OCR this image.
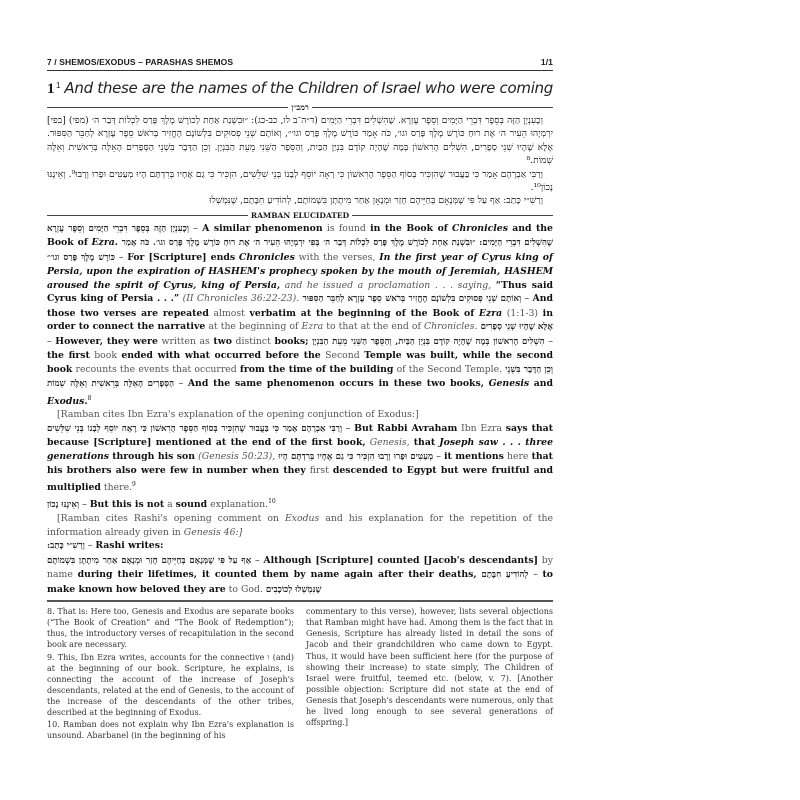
7 / SHEMOS/EXODUS – PARASHAS SHEMOS	1/1
1 1 And these are the names of the Children of Israel who were coming
רמב״ן

וְכָעִנְיָן הַזֶּה בְּסֵפֶר דִּבְרֵי הַיָּמִים וְסֵפֶר עֶזְרָא. שֶׁהִשְׁלִים דִּבְרֵי הַיָּמִים (ד״ה־ב לו, כב-כג): ״וּבִשְׁנַת אַחַת לְכוֹרֶשׁ מֶלֶךְ פָּרַס לִכְלוֹת דְּבַר ה׳ (מפי) [בפי] יִרְמְיָהוּ הֵעִיר ה׳ אֶת רוּחַ כּוֹרֶשׁ מֶלֶךְ פָּרַס וגו׳, כֹּה אָמַר כּוֹרֶשׁ מֶלֶךְ פָּרַס וגו׳״, וְאוֹתָם שְׁנֵי פְסוּקִים בִּלְשׁוֹנָם הֶחֱזִיר בְּרֹאשׁ סֵפֶר עֶזְרָא לְחַבֵּר הַסִּפּוּר. אֶלָּא שֶׁהָיוּ שְׁנֵי סְפָרִים, הִשְׁלִים הָרִאשׁוֹן בְּמָה שֶׁהָיָה קוֹדֶם בִּנְיַן הַבַּיִת, וְהַסֵּפֶר הַשֵּׁנִי מֵעֵת הַבִּנְיָן. וְכֵן הַדָּבָר בִּשְׁנֵי הַסְּפָרִים הָאֵלֶּה בְּרֵאשִׁית וְאֵלֶּה שְׁמוֹת.⁸

וְרַבִּי אַבְרָהָם אָמַר כִּי בַּעֲבוּר שֶׁהִזְכִּיר בְּסוֹף הַסֵּפֶר הָרִאשׁוֹן כִּי רָאָה יוֹסֵף לְבָנוֹ בְּנֵי שִׁלֵּשִׁים, הִזְכִּיר כִּי גַם אֶחָיו בְּרִדְתָּם הָיוּ מְעַטִּים וּפָרוּ וְרָבוּ⁹. וְאֵינֶנּוּ נָכוֹן¹⁰.

וְרַשִׁ״י כָּתַב: אַף עַל פִּי שֶׁמְּנָאָם בְּחַיֵּיהֶם חָזַר וּמְנָאָן אַחַר מִיתָתָן בִּשְׁמוֹתָם, לְהוֹדִיעַ חִבָּתָם, שֶׁנִּמְשְׁלוּ

RAMBAN ELUCIDATED

וְכָעִנְיָן הַזֶּה בְּסֵפֶר דִּבְרֵי הַיָּמִים וְסֵפֶר עֶזְרָא – A similar phenomenon is found in the Book of Chronicles and the Book of Ezra. שֶׁהִשְׁלִים דִּבְרֵי הַיָּמִים: ״וּבִשְׁנַת אַחַת לְכוֹרֶשׁ מֶלֶךְ פָּרַס לִכְלוֹת דְּבַר ה׳ בְּפִי יִרְמְיָהוּ הֵעִיר ה׳ אֶת רוּחַ כּוֹרֶשׁ מֶלֶךְ פָּרַס וגו׳. כֹּה אָמַר כּוֹרֶשׁ מֶלֶךְ פָּרַס וגו׳״ – For [Scripture] ends Chronicles with the verses, In the first year of Cyrus king of Persia, upon the expiration of HASHEM's prophecy spoken by the mouth of Jeremiah, HASHEM aroused the spirit of Cyrus, king of Persia, and he issued a proclamation . . . saying, “Thus said Cyrus king of Persia . . .” (II Chronicles 36:22-23). וְאוֹתָם שְׁנֵי פְסוּקִים בִּלְשׁוֹנָם הֶחֱזִיר בְּרֹאשׁ סֵפֶר עֶזְרָא לְחַבֵּר הַסִּפּוּר – And those two verses are repeated almost verbatim at the beginning of the Book of Ezra (1:1-3) in order to connect the narrative at the beginning of Ezra to that at the end of Chronicles. אֶלָּא שֶׁהָיוּ שְׁנֵי סְפָרִים – However, they were written as two distinct books; הִשְׁלִים הָרִאשׁוֹן בְּמָה שֶׁהָיָה קוֹדֶם בִּנְיַן הַבַּיִת, וְהַסֵּפֶר הַשֵּׁנִי מֵעֵת הַבִּנְיָן – the first book ended with what occurred before the Second Temple was built, while the second book recounts the events that occurred from the time of the building of the Second Temple. וְכֵן הַדָּבָר בִּשְׁנֵי הַסְּפָרִים הָאֵלֶּה בְּרֵאשִׁית וְאֵלֶּה שְׁמוֹת – And the same phenomenon occurs in these two books, Genesis and Exodus.$^8$

[Ramban cites Ibn Ezra's explanation of the opening conjunction of Exodus:]

וְרַבִּי אַבְרָהָם אָמַר כִּי בַּעֲבוּר שֶׁהִזְכִּיר בְּסוֹף הַסֵּפֶר הָרִאשׁוֹן כִּי רָאָה יוֹסֵף לְבָנוֹ בְּנֵי שִׁלֵּשִׁים – But Rabbi Avraham Ibn Ezra says that because [Scripture] mentioned at the end of the first book, Genesis, that Joseph saw . . . three generations through his son (Genesis 50:23), הִזְכִּיר כִּי גַם אֶחָיו בְּרִדְתָּם הָיוּ מְעַטִּים וּפָרוּ וְרָבוּ – it mentions here that his brothers also were few in number when they first descended to Egypt but were fruitful and multiplied there.$^9$

וְאֵינֶנּוּ נָכוֹן – But this is not a sound explanation.$^{10}$

[Ramban cites Rashi's opening comment on Exodus and his explanation for the repetition of the information already given in Genesis 46:]

וְרַשִׁ״י כָּתַב: – Rashi writes:

אַף עַל פִּי שֶׁמְּנָאָם בְּחַיֵּיהֶם חָזַר וּמְנָאָם אַחַר מִיתָתָן בִּשְׁמוֹתָם – Although [Scripture] counted [Jacob's descendants] by name during their lifetimes, it counted them by name again after their deaths, לְהוֹדִיעַ חִבָּתָם – to make known how beloved they are to God. שֶׁנִּמְשְׁלוּ לְכוֹכָבִים

8. That is: Here too, Genesis and Exodus are separate books (“The Book of Creation” and “The Book of Redemption”); thus, the introductory verses of recapitulation in the second book are necessary.

9. This, Ibn Ezra writes, accounts for the connective ו (and) at the beginning of our book. Scripture, he explains, is connecting the account of the increase of Joseph's descendants, related at the end of Genesis, to the account of the increase of the descendants of the other tribes, described at the beginning of Exodus.

10. Ramban does not explain why Ibn Ezra's explanation is unsound. Abarbanel (in the beginning of his

commentary to this verse), however, lists several objections that Ramban might have had. Among them is the fact that in Genesis, Scripture has already listed in detail the sons of Jacob and their grandchildren who came down to Egypt. Thus, it would have been sufficient here (for the purpose of showing their increase) to state simply, The Children of Israel were fruitful, teemed etc. (below, v. 7). [Another possible objection: Scripture did not state at the end of Genesis that Joseph's descendants were numerous, only that he lived long enough to see several generations of offspring.]
